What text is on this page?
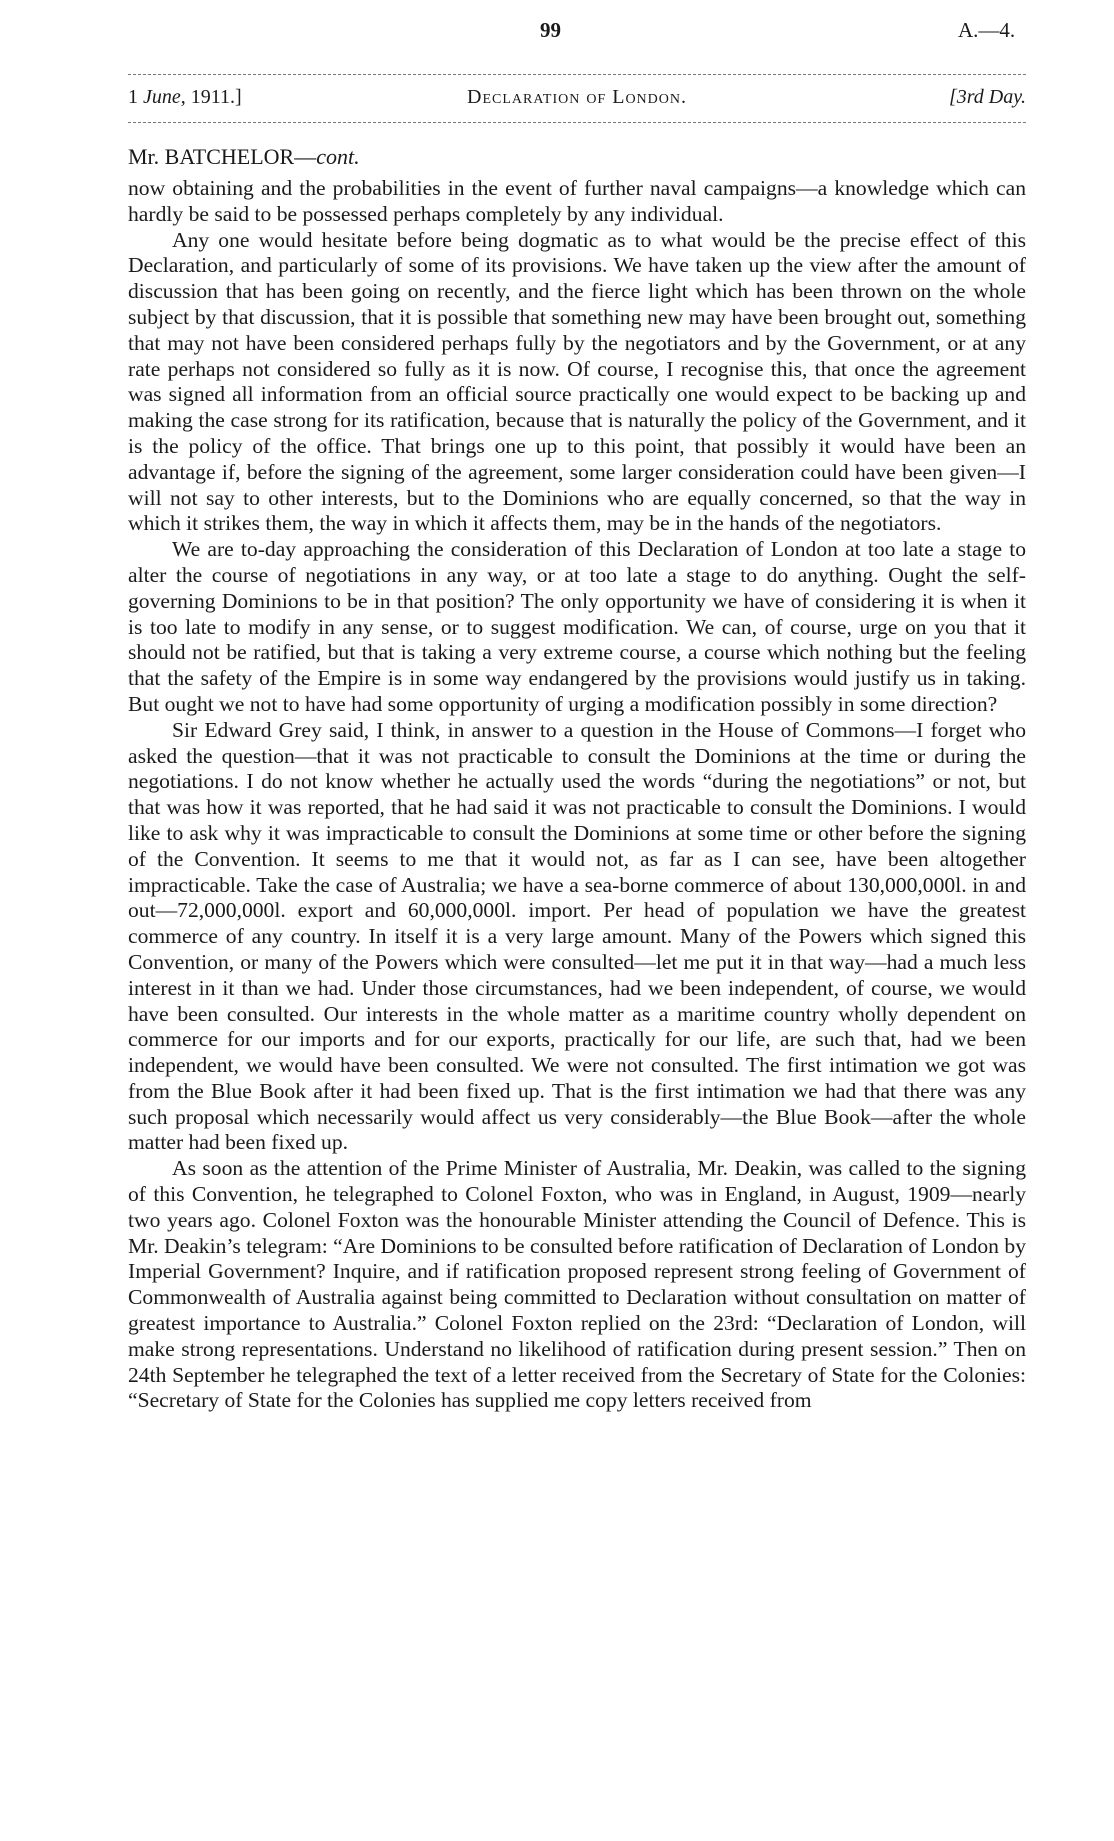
99	A.—4.
1 June, 1911.]	Declaration of London.	[3rd Day.
Mr. BATCHELOR—cont.

now obtaining and the probabilities in the event of further naval campaigns—a knowledge which can hardly be said to be possessed perhaps completely by any individual.

Any one would hesitate before being dogmatic as to what would be the precise effect of this Declaration, and particularly of some of its provisions. We have taken up the view after the amount of discussion that has been going on recently, and the fierce light which has been thrown on the whole subject by that discussion, that it is possible that something new may have been brought out, something that may not have been considered perhaps fully by the negotiators and by the Government, or at any rate perhaps not considered so fully as it is now. Of course, I recognise this, that once the agreement was signed all information from an official source practically one would expect to be backing up and making the case strong for its ratification, because that is naturally the policy of the Government, and it is the policy of the office. That brings one up to this point, that possibly it would have been an advantage if, before the signing of the agreement, some larger consideration could have been given—I will not say to other interests, but to the Dominions who are equally concerned, so that the way in which it strikes them, the way in which it affects them, may be in the hands of the negotiators.

We are to-day approaching the consideration of this Declaration of London at too late a stage to alter the course of negotiations in any way, or at too late a stage to do anything. Ought the self-governing Dominions to be in that position? The only opportunity we have of considering it is when it is too late to modify in any sense, or to suggest modification. We can, of course, urge on you that it should not be ratified, but that is taking a very extreme course, a course which nothing but the feeling that the safety of the Empire is in some way endangered by the provisions would justify us in taking. But ought we not to have had some opportunity of urging a modification possibly in some direction?

Sir Edward Grey said, I think, in answer to a question in the House of Commons—I forget who asked the question—that it was not practicable to consult the Dominions at the time or during the negotiations. I do not know whether he actually used the words “during the negotiations” or not, but that was how it was reported, that he had said it was not practicable to consult the Dominions. I would like to ask why it was impracticable to consult the Dominions at some time or other before the signing of the Convention. It seems to me that it would not, as far as I can see, have been altogether impracticable. Take the case of Australia; we have a sea-borne commerce of about 130,000,000l. in and out—72,000,000l. export and 60,000,000l. import. Per head of population we have the greatest commerce of any country. In itself it is a very large amount. Many of the Powers which signed this Convention, or many of the Powers which were consulted—let me put it in that way—had a much less interest in it than we had. Under those circumstances, had we been independent, of course, we would have been consulted. Our interests in the whole matter as a maritime country wholly dependent on commerce for our imports and for our exports, practically for our life, are such that, had we been independent, we would have been consulted. We were not consulted. The first intimation we got was from the Blue Book after it had been fixed up. That is the first intimation we had that there was any such proposal which necessarily would affect us very considerably—the Blue Book—after the whole matter had been fixed up.

As soon as the attention of the Prime Minister of Australia, Mr. Deakin, was called to the signing of this Convention, he telegraphed to Colonel Foxton, who was in England, in August, 1909—nearly two years ago. Colonel Foxton was the honourable Minister attending the Council of Defence. This is Mr. Deakin’s telegram: “Are Dominions to be consulted before ratification of Declaration of London by Imperial Government? Inquire, and if ratification proposed represent strong feeling of Government of Commonwealth of Australia against being committed to Declaration without consultation on matter of greatest importance to Australia.” Colonel Foxton replied on the 23rd: “Declaration of London, will make strong representations. Understand no likelihood of ratification during present session.” Then on 24th September he telegraphed the text of a letter received from the Secretary of State for the Colonies: “Secretary of State for the Colonies has supplied me copy letters received from
